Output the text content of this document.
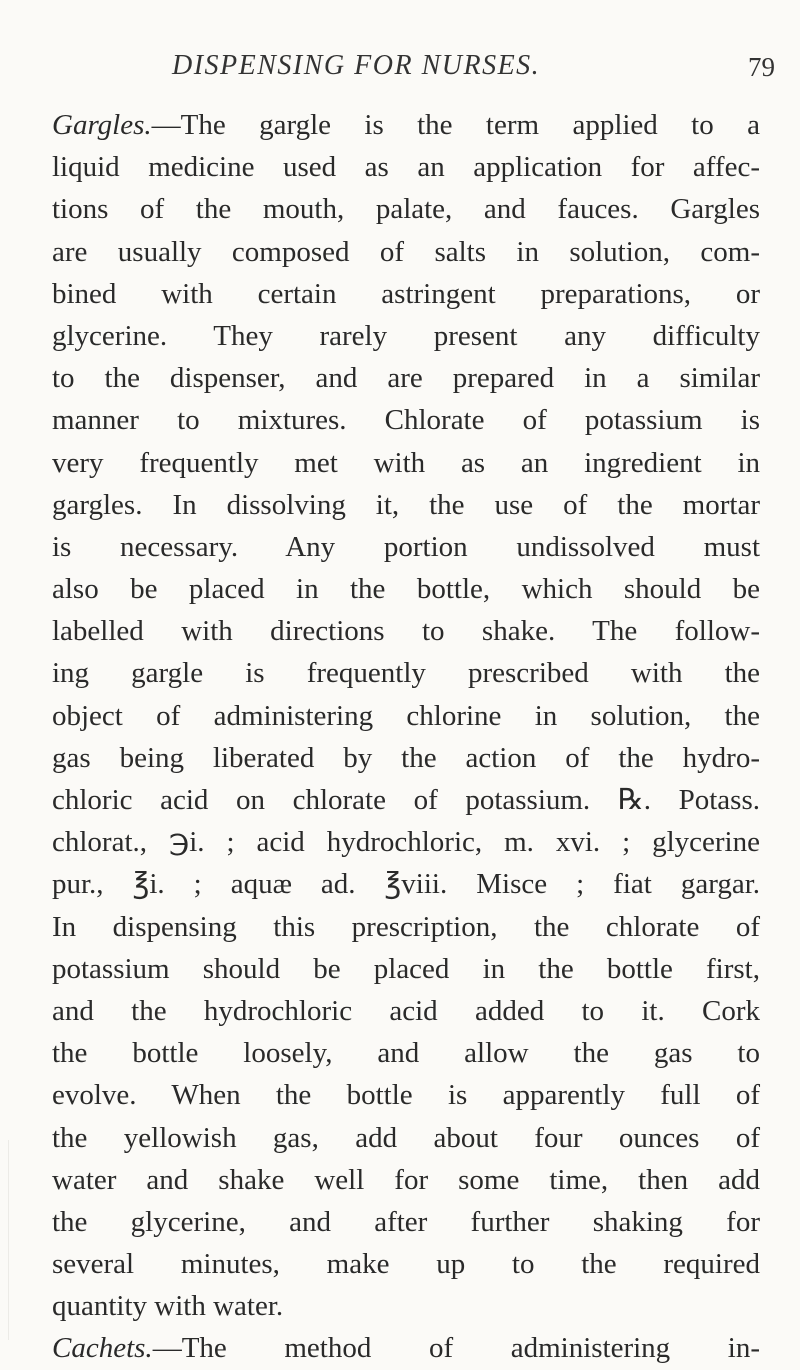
DISPENSING FOR NURSES.	79
Gargles.—The gargle is the term applied to a
liquid medicine used as an application for affec-
tions of the mouth, palate, and fauces. Gargles
are usually composed of salts in solution, com-
bined with certain astringent preparations, or
glycerine. They rarely present any difficulty
to the dispenser, and are prepared in a similar
manner to mixtures. Chlorate of potassium is
very frequently met with as an ingredient in
gargles. In dissolving it, the use of the mortar
is necessary. Any portion undissolved must
also be placed in the bottle, which should be
labelled with directions to shake. The follow-
ing gargle is frequently prescribed with the
object of administering chlorine in solution, the
gas being liberated by the action of the hydro-
chloric acid on chlorate of potassium. ℞. Potass.
chlorat., ℈i. ; acid hydrochloric, m. xvi. ; glycerine
pur., ℥i. ; aquæ ad. ℥viii. Misce ; fiat gargar.
In dispensing this prescription, the chlorate of
potassium should be placed in the bottle first,
and the hydrochloric acid added to it. Cork
the bottle loosely, and allow the gas to
evolve. When the bottle is apparently full of
the yellowish gas, add about four ounces of
water and shake well for some time, then add
the glycerine, and after further shaking for
several minutes, make up to the required
quantity with water.
Cachets.—The method of administering in-
